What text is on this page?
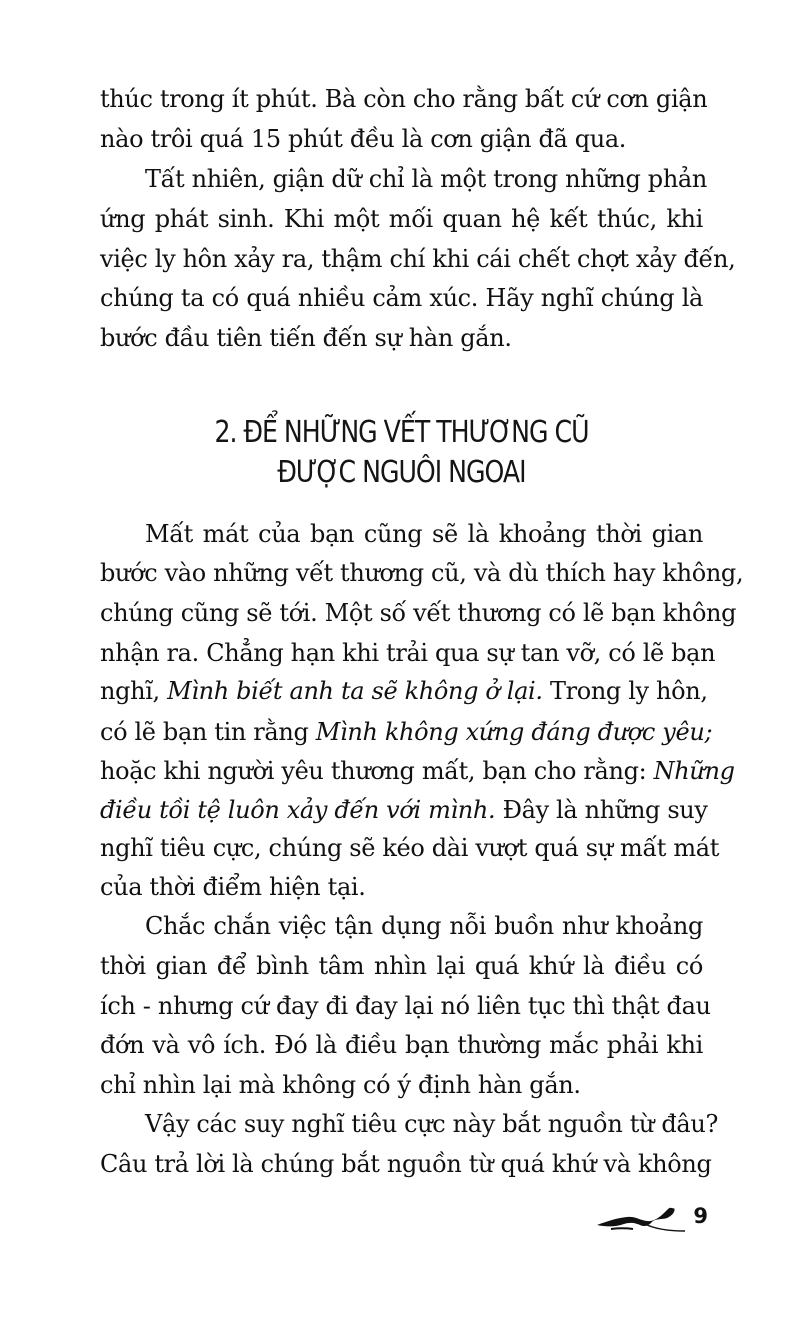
thúc trong ít phút. Bà còn cho rằng bất cứ cơn giận
nào trôi quá 15 phút đều là cơn giận đã qua.
Tất nhiên, giận dữ chỉ là một trong những phản
ứng phát sinh. Khi một mối quan hệ kết thúc, khi
việc ly hôn xảy ra, thậm chí khi cái chết chợt xảy đến,
chúng ta có quá nhiều cảm xúc. Hãy nghĩ chúng là
bước đầu tiên tiến đến sự hàn gắn.
2. ĐỂ NHỮNG VẾT THƯƠNG CŨ
ĐƯỢC NGUÔI NGOAI
Mất mát của bạn cũng sẽ là khoảng thời gian
bước vào những vết thương cũ, và dù thích hay không,
chúng cũng sẽ tới. Một số vết thương có lẽ bạn không
nhận ra. Chẳng hạn khi trải qua sự tan vỡ, có lẽ bạn
nghĩ, Mình biết anh ta sẽ không ở lại. Trong ly hôn,
có lẽ bạn tin rằng Mình không xứng đáng được yêu;
hoặc khi người yêu thương mất, bạn cho rằng: Những
điều tồi tệ luôn xảy đến với mình. Đây là những suy
nghĩ tiêu cực, chúng sẽ kéo dài vượt quá sự mất mát
của thời điểm hiện tại.
Chắc chắn việc tận dụng nỗi buồn như khoảng
thời gian để bình tâm nhìn lại quá khứ là điều có
ích - nhưng cứ đay đi đay lại nó liên tục thì thật đau
đớn và vô ích. Đó là điều bạn thường mắc phải khi
chỉ nhìn lại mà không có ý định hàn gắn.
Vậy các suy nghĩ tiêu cực này bắt nguồn từ đâu?
Câu trả lời là chúng bắt nguồn từ quá khứ và không
9
